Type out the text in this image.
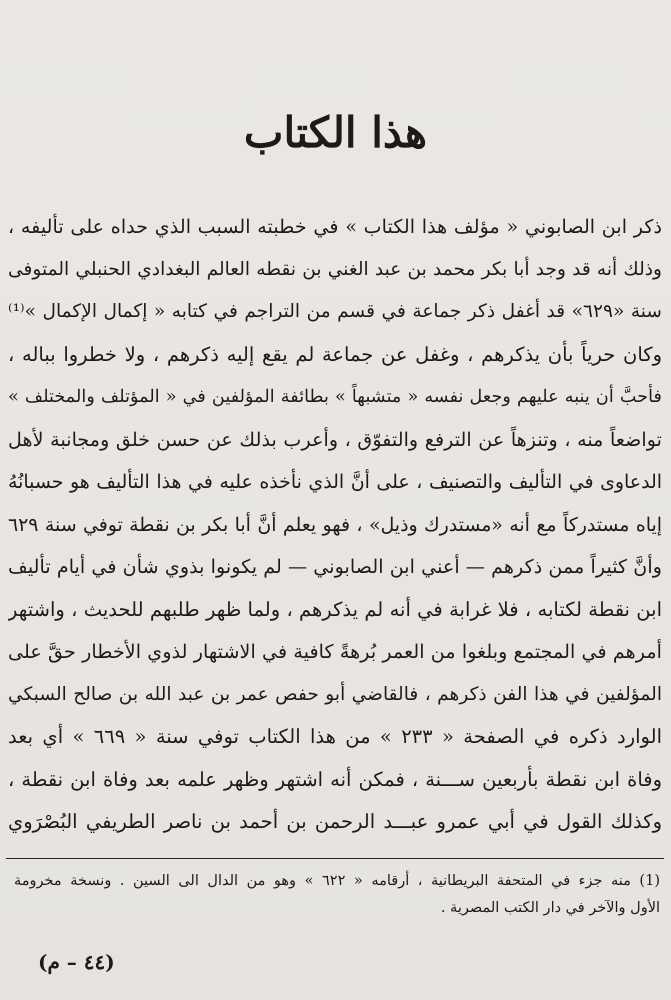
هذا الكتاب
ذكر ابن الصابوني « مؤلف هذا الكتاب » في خطبته السبب الذي حداه على تأليفه ،
وذلك أنه قد وجد أبا بكر محمد بن عبد الغني بن نقطه العالم البغدادي الحنبلي المتوفى
سنة «٦٢٩» قد أغفل ذكر جماعة في قسم من التراجم في كتابه « إكمال الإكمال »⁽¹⁾
وكان حرياً بأن يذكرهم ، وغفل عن جماعة لم يقع إليه ذكرهم ، ولا خطروا بباله ،
فأحبَّ أن ينبه عليهم وجعل نفسه « متشبهاً » بطائفة المؤلفين في « المؤتلف والمختلف »
تواضعاً منه ، وتنزهاً عن الترفع والتفوّق ، وأعرب بذلك عن حسن خلق ومجانبة لأهل
الدعاوى في التأليف والتصنيف ، على أنَّ الذي نأخذه عليه في هذا التأليف هو حسبانُهُ
إياه مستدركاً مع أنه «مستدرك وذيل» ، فهو يعلم أنَّ أبا بكر بن نقطة توفي سنة ٦٢٩
وأنَّ كثيراً ممن ذكرهم — أعني ابن الصابوني — لم يكونوا بذوي شأن في أيام تأليف
ابن نقطة لكتابه ، فلا غرابة في أنه لم يذكرهم ، ولما ظهر طلبهم للحديث ، واشتهر
أمرهم في المجتمع وبلغوا من العمر بُرهةً كافية في الاشتهار لذوي الأخطار حقَّ على
المؤلفين في هذا الفن ذكرهم ، فالقاضي أبو حفص عمر بن عبد الله بن صالح السبكي
الوارد ذكره في الصفحة « ٢٣٣ » من هذا الكتاب توفي سنة « ٦٦٩ » أي بعد
وفاة ابن نقطة بأربعين ســـنة ، فمكن أنه اشتهر وظهر علمه بعد وفاة ابن نقطة ،
وكذلك القول في أبي عمرو عبـــد الرحمن بن أحمد بن ناصر الطريفي البُصْرَوي
(1) منه جزء في المتحفة البريطانية ، أرقامه « ٦٢٢ » وهو من الدال الى السين . ونسخة مخرومة
الأول والآخر في دار الكتب المصرية .
(٤٤ – م)
